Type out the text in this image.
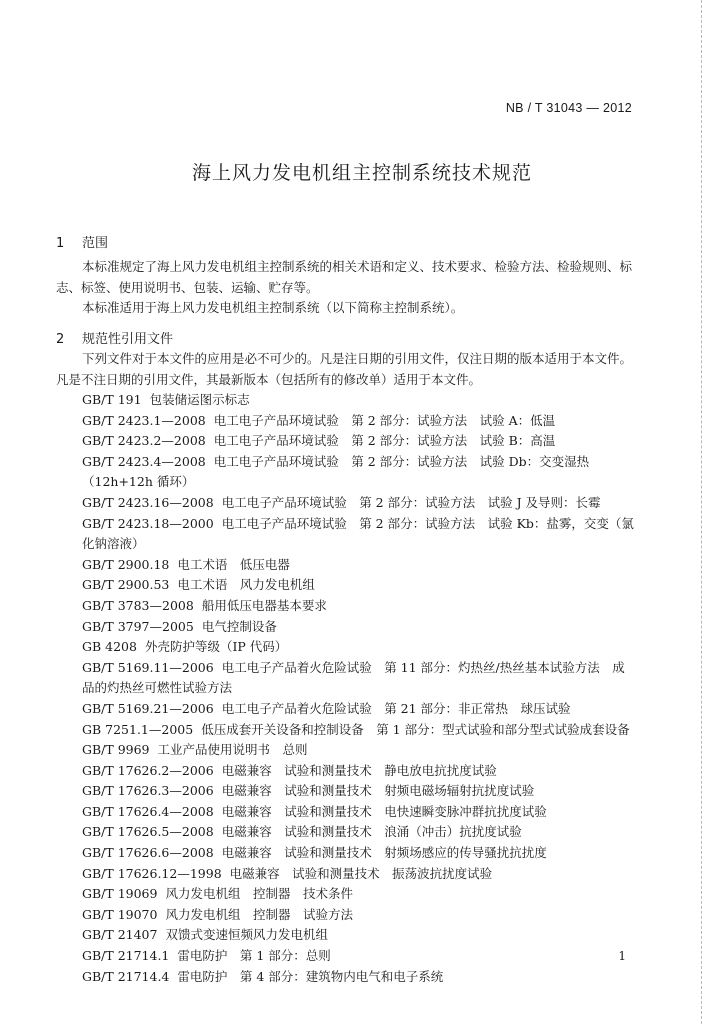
NB / T 31043 — 2012
海上风力发电机组主控制系统技术规范
1 范围
本标准规定了海上风力发电机组主控制系统的相关术语和定义、技术要求、检验方法、检验规则、标志、标签、使用说明书、包装、运输、贮存等。
本标准适用于海上风力发电机组主控制系统（以下简称主控制系统）。
2 规范性引用文件
下列文件对于本文件的应用是必不可少的。凡是注日期的引用文件，仅注日期的版本适用于本文件。凡是不注日期的引用文件，其最新版本（包括所有的修改单）适用于本文件。
GB/T 191 包装储运图示标志
GB/T 2423.1—2008 电工电子产品环境试验　第 2 部分：试验方法　试验 A：低温
GB/T 2423.2—2008 电工电子产品环境试验　第 2 部分：试验方法　试验 B：高温
GB/T 2423.4—2008 电工电子产品环境试验　第 2 部分：试验方法　试验 Db：交变湿热（12h+12h 循环）
GB/T 2423.16—2008 电工电子产品环境试验　第 2 部分：试验方法　试验 J 及导则：长霉
GB/T 2423.18—2000 电工电子产品环境试验　第 2 部分：试验方法　试验 Kb：盐雾，交变（氯化钠溶液）
GB/T 2900.18 电工术语　低压电器
GB/T 2900.53 电工术语　风力发电机组
GB/T 3783—2008 船用低压电器基本要求
GB/T 3797—2005 电气控制设备
GB 4208 外壳防护等级（IP 代码）
GB/T 5169.11—2006 电工电子产品着火危险试验　第 11 部分：灼热丝/热丝基本试验方法　成品的灼热丝可燃性试验方法
GB/T 5169.21—2006 电工电子产品着火危险试验　第 21 部分：非正常热　球压试验
GB 7251.1—2005 低压成套开关设备和控制设备　第 1 部分：型式试验和部分型式试验成套设备
GB/T 9969 工业产品使用说明书　总则
GB/T 17626.2—2006 电磁兼容　试验和测量技术　静电放电抗扰度试验
GB/T 17626.3—2006 电磁兼容　试验和测量技术　射频电磁场辐射抗扰度试验
GB/T 17626.4—2008 电磁兼容　试验和测量技术　电快速瞬变脉冲群抗扰度试验
GB/T 17626.5—2008 电磁兼容　试验和测量技术　浪涌（冲击）抗扰度试验
GB/T 17626.6—2008 电磁兼容　试验和测量技术　射频场感应的传导骚扰抗扰度
GB/T 17626.12—1998 电磁兼容　试验和测量技术　振荡波抗扰度试验
GB/T 19069 风力发电机组　控制器　技术条件
GB/T 19070 风力发电机组　控制器　试验方法
GB/T 21407 双馈式变速恒频风力发电机组
GB/T 21714.1 雷电防护　第 1 部分：总则
GB/T 21714.4 雷电防护　第 4 部分：建筑物内电气和电子系统
1
